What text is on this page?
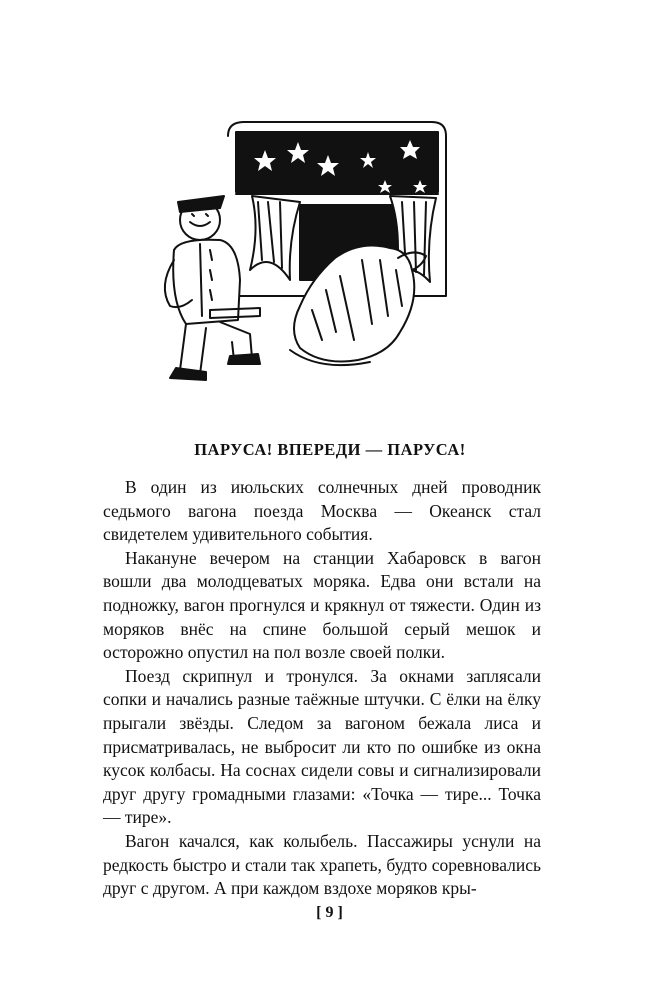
ПАРУСА! ВПЕРЕДИ — ПАРУСА!

В один из июльских солнечных дней проводник седьмого вагона поезда Москва — Океанск стал свидетелем удивительного события.

Накануне вечером на станции Хабаровск в вагон вошли два молодцеватых моряка. Едва они встали на подножку, вагон прогнулся и крякнул от тяжести. Один из моряков внёс на спине большой серый мешок и осторожно опустил на пол возле своей полки.

Поезд скрипнул и тронулся. За окнами заплясали сопки и начались разные таёжные штучки. С ёлки на ёлку прыгали звёзды. Следом за вагоном бежала лиса и присматривалась, не выбросит ли кто по ошибке из окна кусок колбасы. На соснах сидели совы и сигнализировали друг другу громадными глазами: «Точка — тире... Точка — тире».

Вагон качался, как колыбель. Пассажиры уснули на редкость быстро и стали так храпеть, будто соревновались друг с другом. А при каждом вздохе моряков кры-

[ 9 ]
